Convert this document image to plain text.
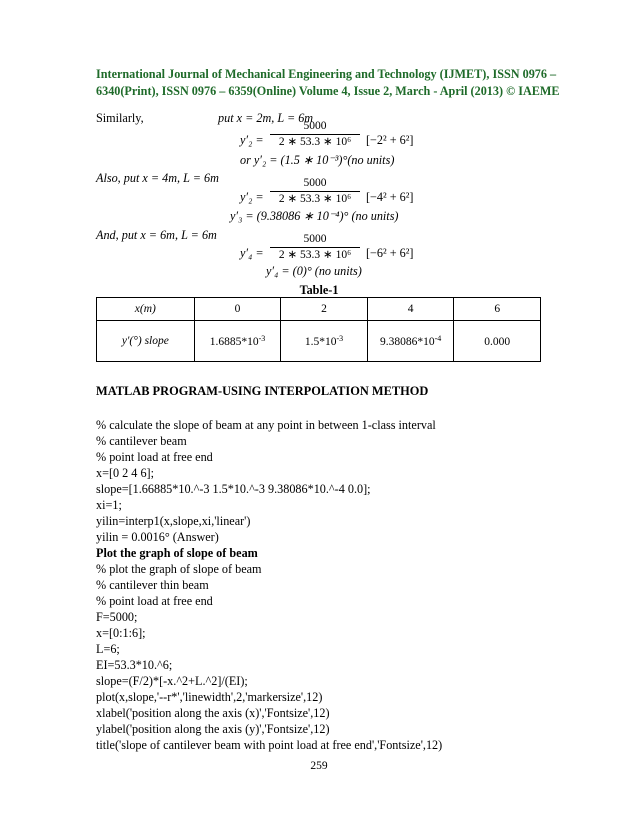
International Journal of Mechanical Engineering and Technology (IJMET), ISSN 0976 –
6340(Print), ISSN 0976 – 6359(Online) Volume 4, Issue 2, March - April (2013) © IAEME
Similarly,	put x = 2m, L = 6m
y′₂ =
5000
2 ∗ 53.3 ∗ 10⁶	[−2² + 6²]
or y′₂ = (1.5 ∗ 10⁻³)°(no units)
Also, put x = 4m, L = 6m
y′₂ =
5000
2 ∗ 53.3 ∗ 10⁶	[−4² + 6²]
y′₃ = (9.38086 ∗ 10⁻⁴)° (no units)
And, put x = 6m, L = 6m
y′₄ =
5000
2 ∗ 53.3 ∗ 10⁶	[−6² + 6²]
y′₄ = (0)° (no units)
Table-1
x(m)	0	2	4	6
y′(°) slope	$1.6885*10^{-3}$	$1.5*10^{-3}$	$9.38086*10^{-4}$	0.000
MATLAB PROGRAM-USING INTERPOLATION METHOD
% calculate the slope of beam at any point in between 1-class interval
% cantilever beam
% point load at free end
x=[0 2 4 6];
slope=[1.66885*10.^-3 1.5*10.^-3 9.38086*10.^-4 0.0];
xi=1;
yilin=interp1(x,slope,xi,'linear')
yilin = 0.0016° (Answer)
Plot the graph of slope of beam
% plot the graph of slope of beam
% cantilever thin beam
% point load at free end
F=5000;
x=[0:1:6];
L=6;
EI=53.3*10.^6;
slope=(F/2)*[-x.^2+L.^2]/(EI);
plot(x,slope,'--r*','linewidth',2,'markersize',12)
xlabel('position along the axis (x)','Fontsize',12)
ylabel('position along the axis (y)','Fontsize',12)
title('slope of cantilever beam with point load at free end','Fontsize',12)
259
